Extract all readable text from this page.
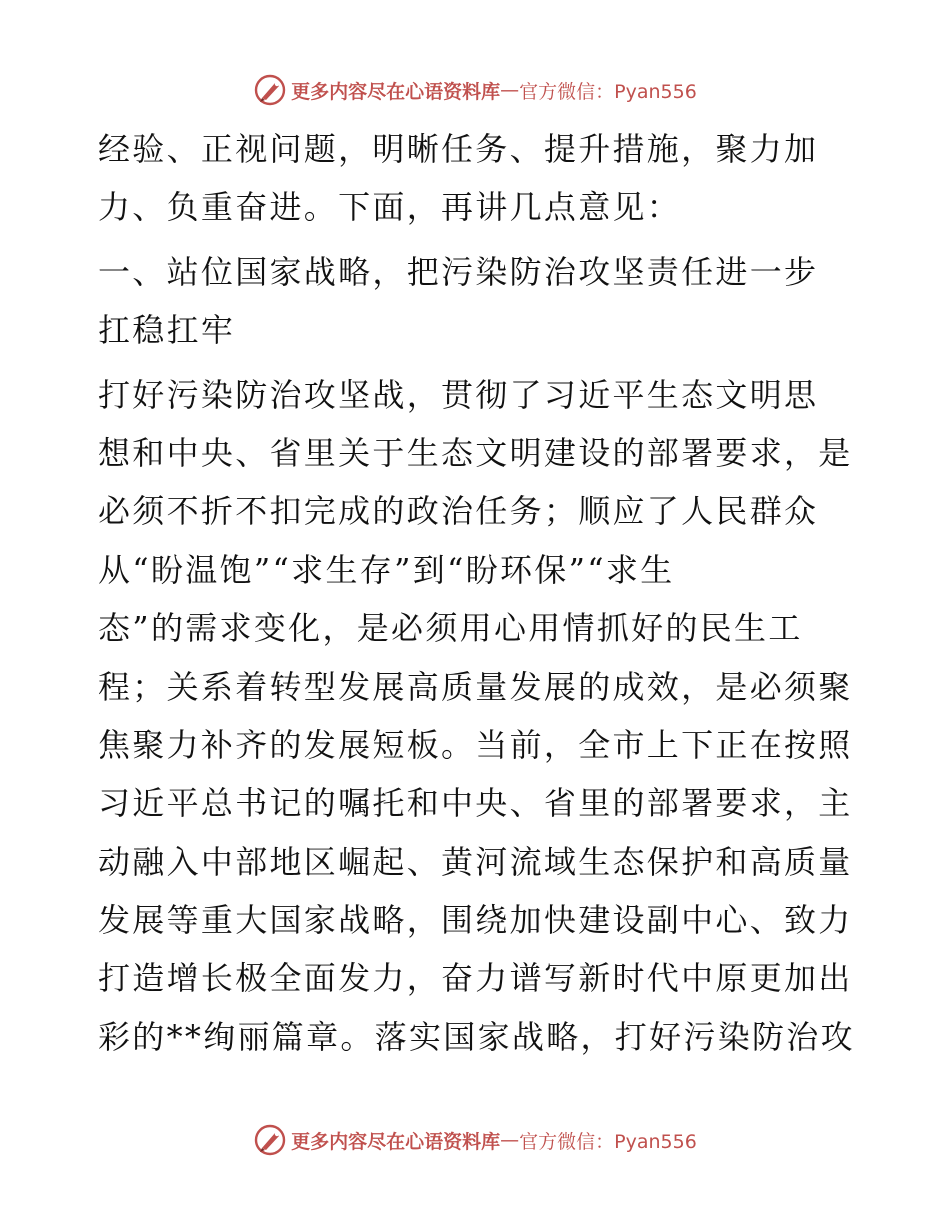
更多内容尽在心语资料库 — 官方微信：Pyan556
经验、正视问题，明晰任务、提升措施，聚力加
力、负重奋进。下面，再讲几点意见：
一、站位国家战略，把污染防治攻坚责任进一步
扛稳扛牢
打好污染防治攻坚战，贯彻了习近平生态文明思
想和中央、省里关于生态文明建设的部署要求，是
必须不折不扣完成的政治任务；顺应了人民群众
从“盼温饱”“求生存”到“盼环保”“求生
态”的需求变化，是必须用心用情抓好的民生工
程；关系着转型发展高质量发展的成效，是必须聚
焦聚力补齐的发展短板。当前，全市上下正在按照
习近平总书记的嘱托和中央、省里的部署要求，主
动融入中部地区崛起、黄河流域生态保护和高质量
发展等重大国家战略，围绕加快建设副中心、致力
打造增长极全面发力，奋力谱写新时代中原更加出
彩的**绚丽篇章。落实国家战略，打好污染防治攻
更多内容尽在心语资料库 — 官方微信：Pyan556
